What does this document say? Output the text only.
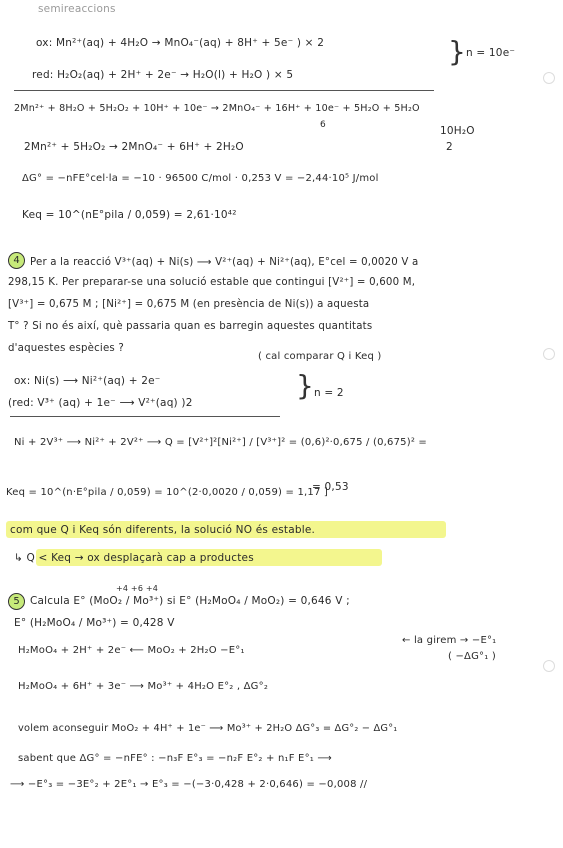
semireaccions
ox: Mn²⁺(aq) + 4H₂O → MnO₄⁻(aq) + 8H⁺ + 5e⁻ ) × 2	} n = 10e⁻
red: H₂O₂(aq) + 2H⁺ + 2e⁻ → H₂O(l) + H₂O ) × 5
2Mn²⁺ + 8H₂O + 5H₂O₂ + 10H⁺ + 10e⁻ → 2MnO₄⁻ + 16H⁺ + 10e⁻ + 5H₂O + 5H₂O
6	10H₂O
2Mn²⁺ + 5H₂O₂ → 2MnO₄⁻ + 6H⁺ + 2H₂O	2
ΔG° = −nFE°cel·la = −10 · 96500 C/mol · 0,253 V = −2,44·10⁵ J/mol
Keq = 10^(nE°pila / 0,059) = 2,61·10⁴²
4	Per a la reacció V³⁺(aq) + Ni(s) ⟶ V²⁺(aq) + Ni²⁺(aq), E°cel = 0,0020 V a
298,15 K. Per preparar-se una solució estable que contingui [V²⁺] = 0,600 M,
[V³⁺] = 0,675 M ; [Ni²⁺] = 0,675 M (en presència de Ni(s)) a aquesta
T° ? Si no és així, què passaria quan es barregin aquestes quantitats
d'aquestes espècies ?
( cal comparar Q i Keq )
ox: Ni(s) ⟶ Ni²⁺(aq) + 2e⁻
(red: V³⁺ (aq) + 1e⁻ ⟶ V²⁺(aq) )2
} n = 2
Ni + 2V³⁺ ⟶ Ni²⁺ + 2V²⁺ ⟶ Q = [V²⁺]²[Ni²⁺] / [V³⁺]² = (0,6)²·0,675 / (0,675)² =
Keq = 10^(n·E°pila / 0,059) = 10^(2·0,0020 / 0,059) = 1,17 ]
= 0,53
com que Q i Keq són diferents, la solució NO és estable.
↳ Q < Keq → ox desplaçarà cap a productes
5
+4 +6 +4
Calcula E° (MoO₂ / Mo³⁺) si E° (H₂MoO₄ / MoO₂) = 0,646 V ;
E° (H₂MoO₄ / Mo³⁺) = 0,428 V
H₂MoO₄ + 2H⁺ + 2e⁻ ⟵ MoO₂ + 2H₂O −E°₁
← la girem → −E°₁
( −ΔG°₁ )
H₂MoO₄ + 6H⁺ + 3e⁻ ⟶ Mo³⁺ + 4H₂O E°₂ , ΔG°₂
volem aconseguir MoO₂ + 4H⁺ + 1e⁻ ⟶ Mo³⁺ + 2H₂O ΔG°₃ = ΔG°₂ − ΔG°₁
sabent que ΔG° = −nFE° : −n₃F E°₃ = −n₂F E°₂ + n₁F E°₁ ⟶
⟶ −E°₃ = −3E°₂ + 2E°₁ → E°₃ = −(−3·0,428 + 2·0,646) = −0,008 //
